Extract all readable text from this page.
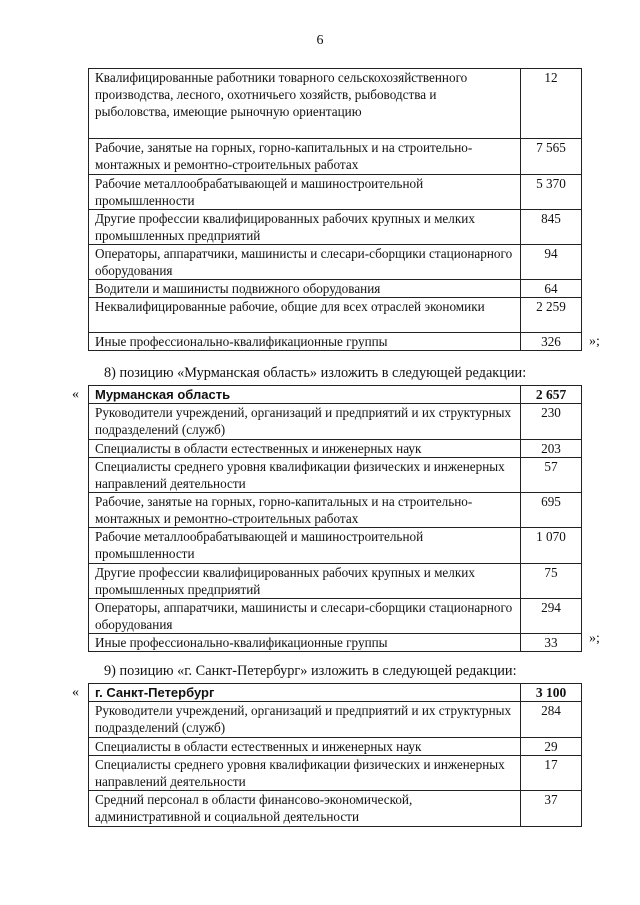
6
Квалифицированные работники товарного сельскохозяйственного производства, лесного, охотничьего хозяйств, рыбоводства и рыболовства, имеющие рыночную ориентацию	12
Рабочие, занятые на горных, горно-капитальных и на строительно-монтажных и ремонтно-строительных работах	7 565
Рабочие металлообрабатывающей и машиностроительной промышленности	5 370
Другие профессии квалифицированных рабочих крупных и мелких промышленных предприятий	845
Операторы, аппаратчики, машинисты и слесари-сборщики стационарного оборудования	94
Водители и машинисты подвижного оборудования	64
Неквалифицированные рабочие, общие для всех отраслей экономики	2 259
Иные профессионально-квалификационные группы	326 »;
8) позицию «Мурманская область» изложить в следующей редакции:
« Мурманская область	2 657
Руководители учреждений, организаций и предприятий и их структурных подразделений (служб)	230
Специалисты в области естественных и инженерных наук	203
Специалисты среднего уровня квалификации физических и инженерных направлений деятельности	57
Рабочие, занятые на горных, горно-капитальных и на строительно-монтажных и ремонтно-строительных работах	695
Рабочие металлообрабатывающей и машиностроительной промышленности	1 070
Другие профессии квалифицированных рабочих крупных и мелких промышленных предприятий	75
Операторы, аппаратчики, машинисты и слесари-сборщики стационарного оборудования	294
Иные профессионально-квалификационные группы	33 »;
9) позицию «г. Санкт-Петербург» изложить в следующей редакции:
« г. Санкт-Петербург	3 100
Руководители учреждений, организаций и предприятий и их структурных подразделений (служб)	284
Специалисты в области естественных и инженерных наук	29
Специалисты среднего уровня квалификации физических и инженерных направлений деятельности	17
Средний персонал в области финансово-экономической, административной и социальной деятельности	37
